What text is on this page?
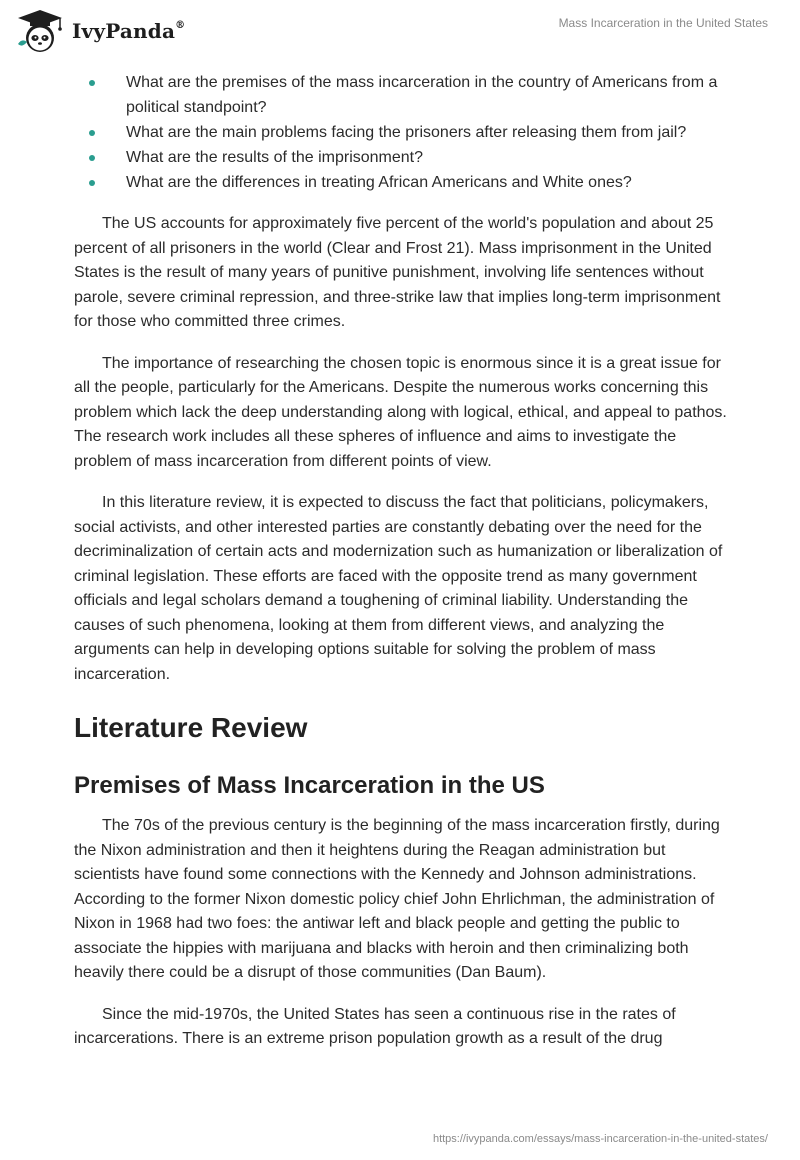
IvyPanda®	Mass Incarceration in the United States
What are the premises of the mass incarceration in the country of Americans from a political standpoint?
What are the main problems facing the prisoners after releasing them from jail?
What are the results of the imprisonment?
What are the differences in treating African Americans and White ones?

The US accounts for approximately five percent of the world's population and about 25 percent of all prisoners in the world (Clear and Frost 21). Mass imprisonment in the United States is the result of many years of punitive punishment, involving life sentences without parole, severe criminal repression, and three-strike law that implies long-term imprisonment for those who committed three crimes.

The importance of researching the chosen topic is enormous since it is a great issue for all the people, particularly for the Americans. Despite the numerous works concerning this problem which lack the deep understanding along with logical, ethical, and appeal to pathos. The research work includes all these spheres of influence and aims to investigate the problem of mass incarceration from different points of view.

In this literature review, it is expected to discuss the fact that politicians, policymakers, social activists, and other interested parties are constantly debating over the need for the decriminalization of certain acts and modernization such as humanization or liberalization of criminal legislation. These efforts are faced with the opposite trend as many government officials and legal scholars demand a toughening of criminal liability. Understanding the causes of such phenomena, looking at them from different views, and analyzing the arguments can help in developing options suitable for solving the problem of mass incarceration.

Literature Review
Premises of Mass Incarceration in the US

The 70s of the previous century is the beginning of the mass incarceration firstly, during the Nixon administration and then it heightens during the Reagan administration but scientists have found some connections with the Kennedy and Johnson administrations. According to the former Nixon domestic policy chief John Ehrlichman, the administration of Nixon in 1968 had two foes: the antiwar left and black people and getting the public to associate the hippies with marijuana and blacks with heroin and then criminalizing both heavily there could be a disrupt of those communities (Dan Baum).

Since the mid-1970s, the United States has seen a continuous rise in the rates of incarcerations. There is an extreme prison population growth as a result of the drug

https://ivypanda.com/essays/mass-incarceration-in-the-united-states/
